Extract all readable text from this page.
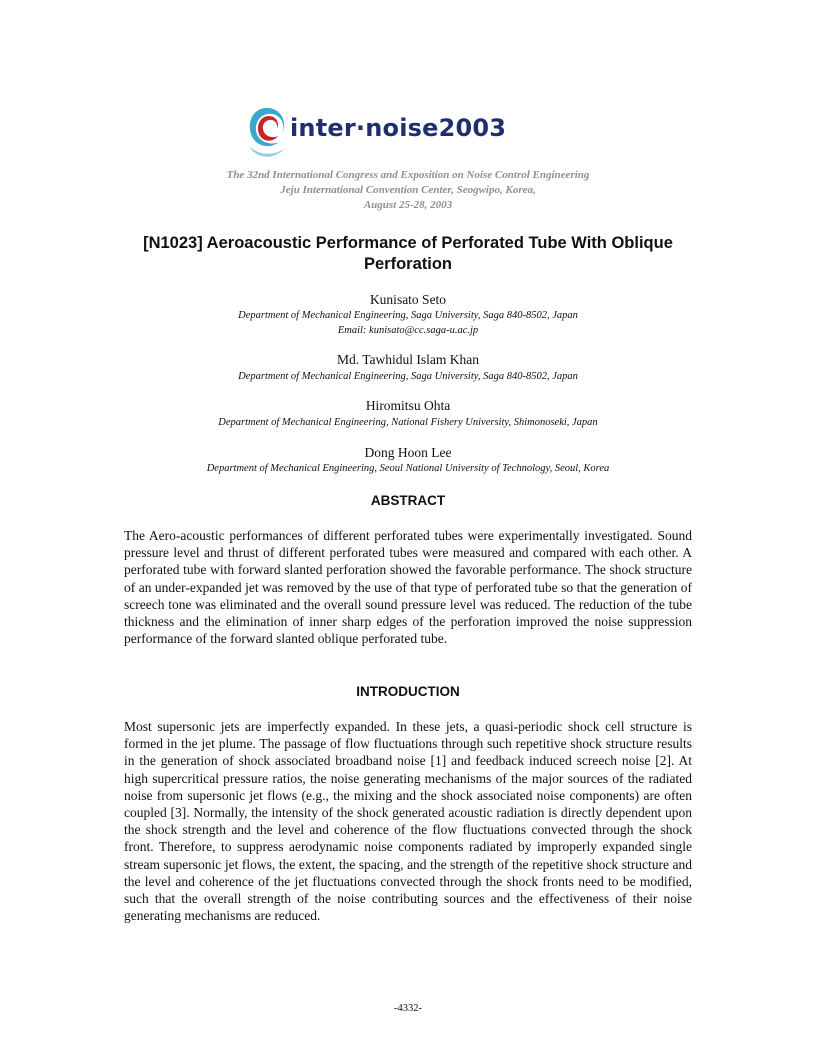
inter·noise2003
The 32nd International Congress and Exposition on Noise Control Engineering
Jeju International Convention Center, Seogwipo, Korea,
August 25-28, 2003
[N1023] Aeroacoustic Performance of Perforated Tube With Oblique Perforation
Kunisato Seto
Department of Mechanical Engineering, Saga University, Saga 840-8502, Japan
Email: kunisato@cc.saga-u.ac.jp
Md. Tawhidul Islam Khan
Department of Mechanical Engineering, Saga University, Saga 840-8502, Japan
Hiromitsu Ohta
Department of Mechanical Engineering, National Fishery University, Shimonoseki, Japan
Dong Hoon Lee
Department of Mechanical Engineering, Seoul National University of Technology, Seoul, Korea
ABSTRACT
The Aero-acoustic performances of different perforated tubes were experimentally investigated. Sound pressure level and thrust of different perforated tubes were measured and compared with each other. A perforated tube with forward slanted perforation showed the favorable performance. The shock structure of an under-expanded jet was removed by the use of that type of perforated tube so that the generation of screech tone was eliminated and the overall sound pressure level was reduced. The reduction of the tube thickness and the elimination of inner sharp edges of the perforation improved the noise suppression performance of the forward slanted oblique perforated tube.
INTRODUCTION
Most supersonic jets are imperfectly expanded. In these jets, a quasi-periodic shock cell structure is formed in the jet plume. The passage of flow fluctuations through such repetitive shock structure results in the generation of shock associated broadband noise [1] and feedback induced screech noise [2]. At high supercritical pressure ratios, the noise generating mechanisms of the major sources of the radiated noise from supersonic jet flows (e.g., the mixing and the shock associated noise components) are often coupled [3]. Normally, the intensity of the shock generated acoustic radiation is directly dependent upon the shock strength and the level and coherence of the flow fluctuations convected through the shock front. Therefore, to suppress aerodynamic noise components radiated by improperly expanded single stream supersonic jet flows, the extent, the spacing, and the strength of the repetitive shock structure and the level and coherence of the jet fluctuations convected through the shock fronts need to be modified, such that the overall strength of the noise contributing sources and the effectiveness of their noise generating mechanisms are reduced.
-4332-
